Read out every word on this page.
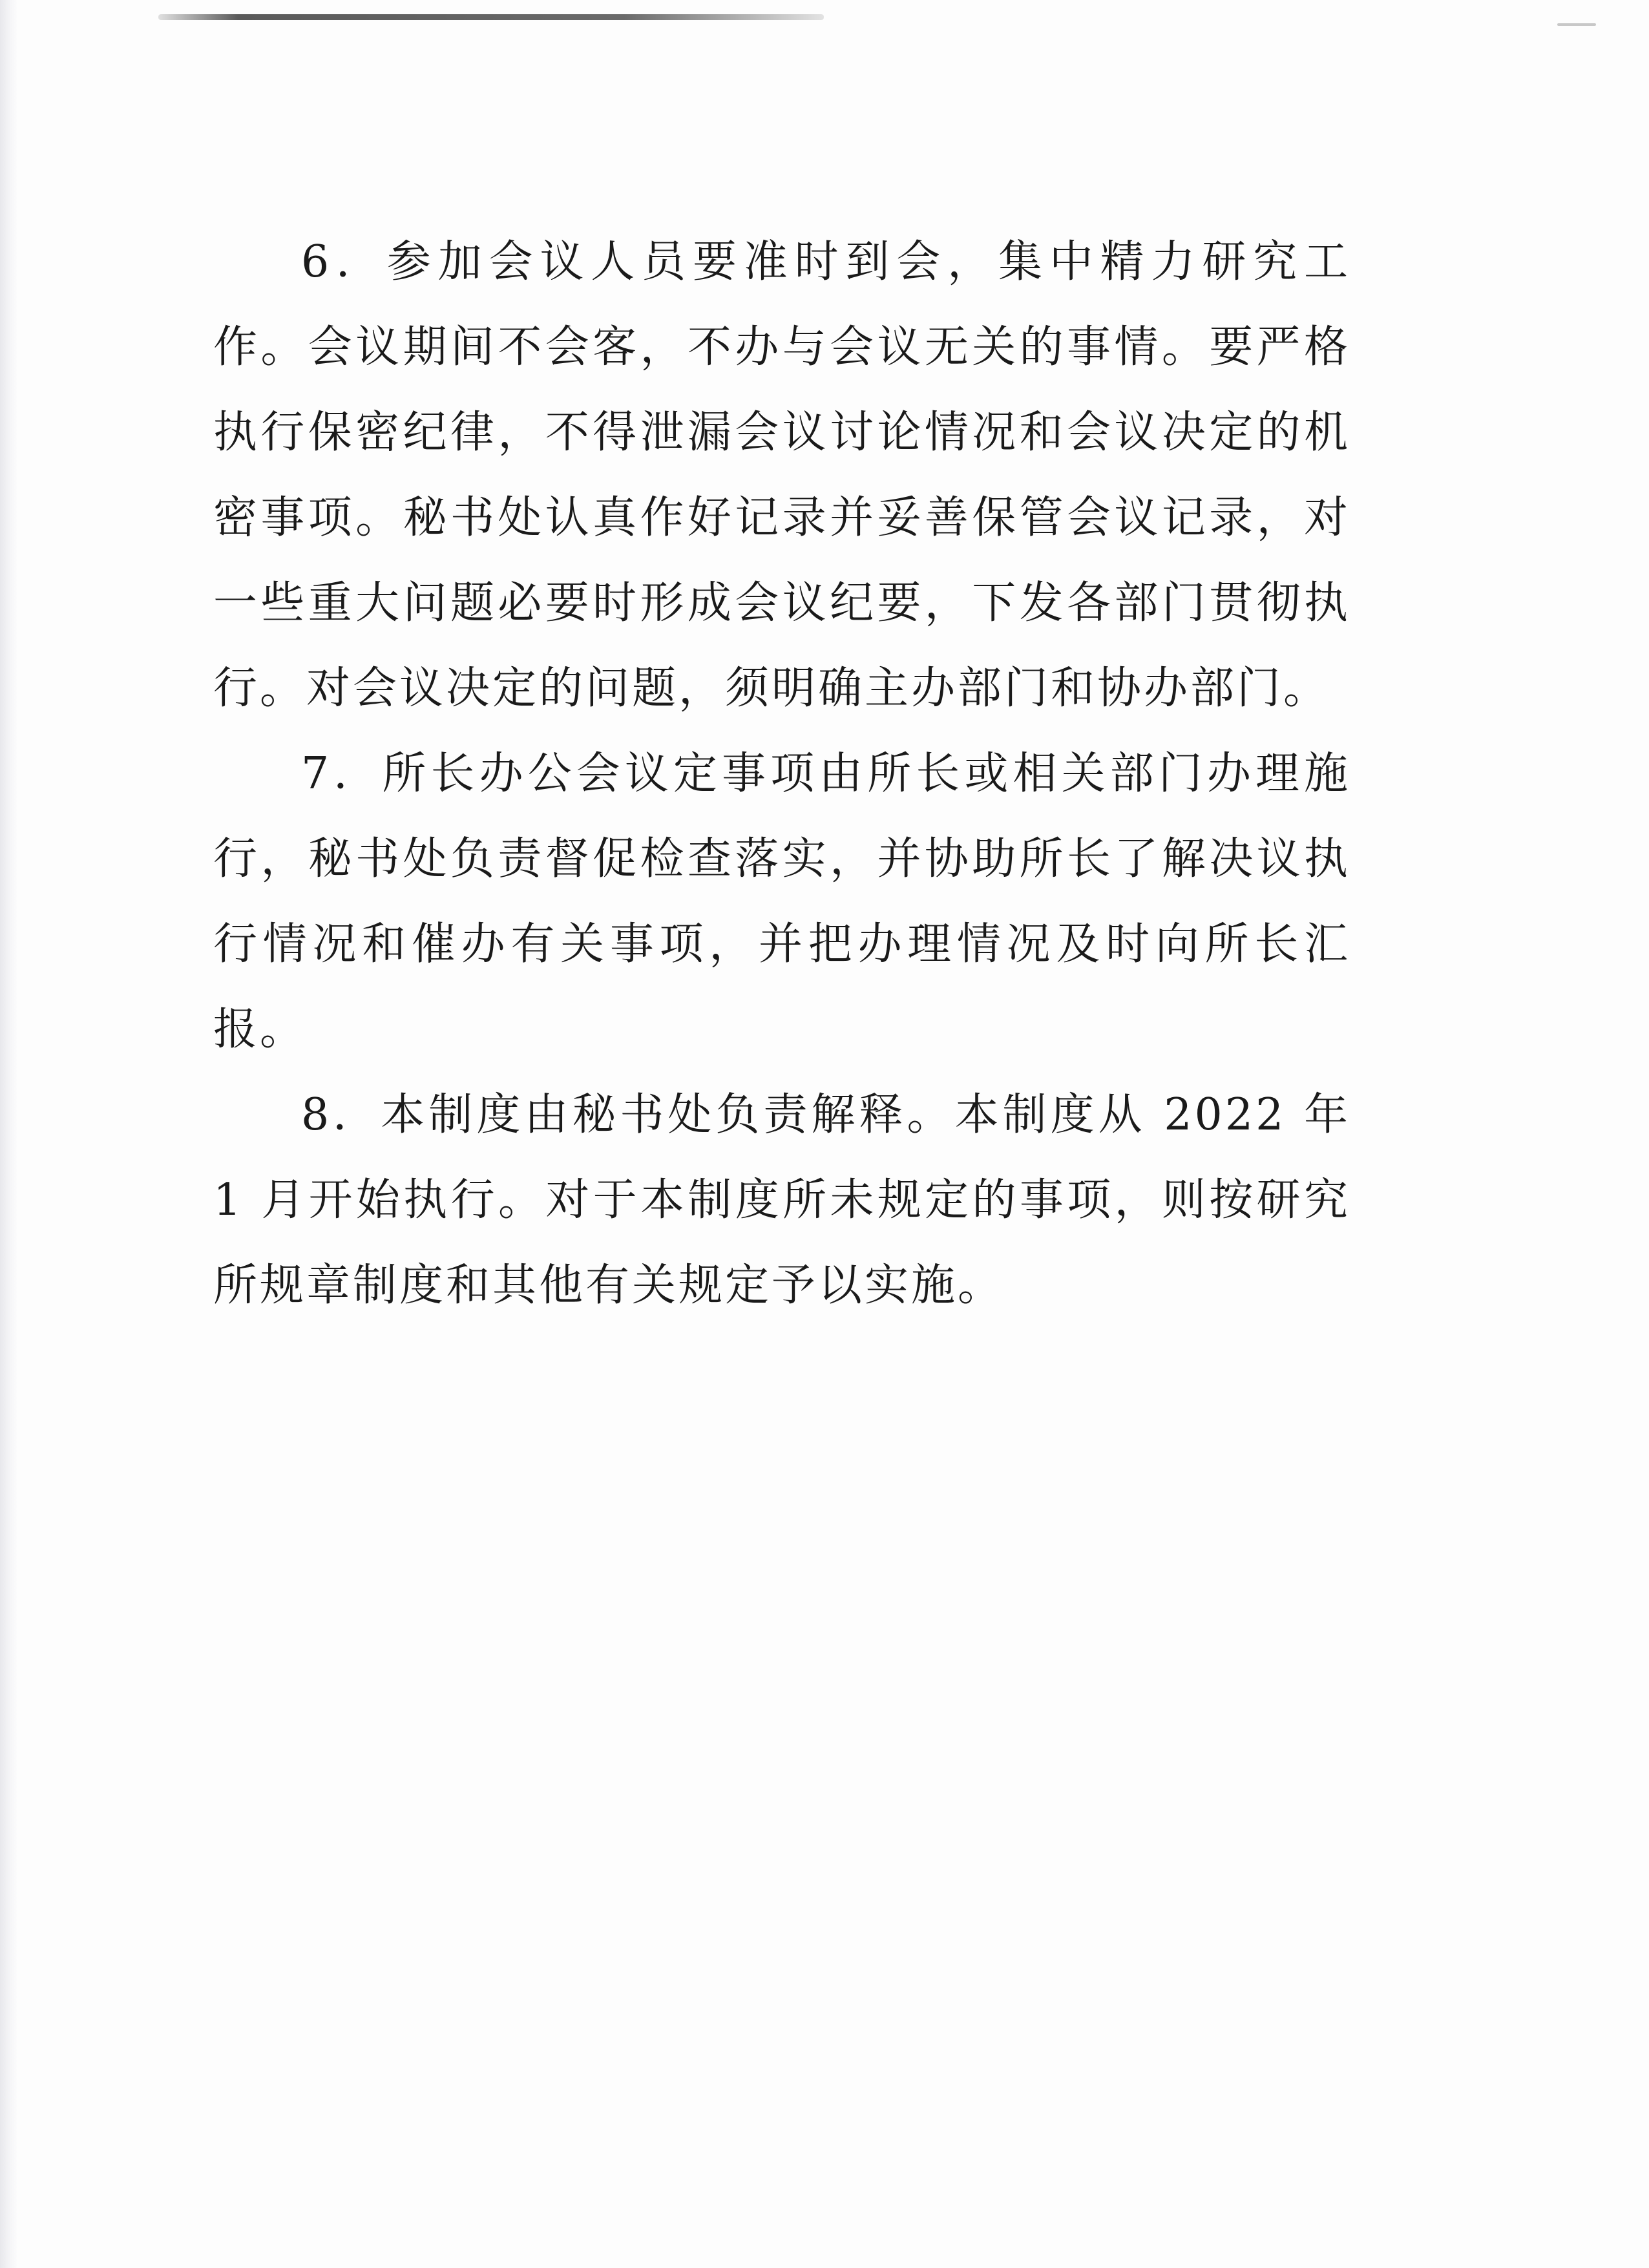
6．参加会议人员要准时到会，集中精力研究工作。会议期间不会客，不办与会议无关的事情。要严格执行保密纪律，不得泄漏会议讨论情况和会议决定的机密事项。秘书处认真作好记录并妥善保管会议记录，对一些重大问题必要时形成会议纪要，下发各部门贯彻执行。对会议决定的问题，须明确主办部门和协办部门。

7．所长办公会议定事项由所长或相关部门办理施行，秘书处负责督促检查落实，并协助所长了解决议执行情况和催办有关事项，并把办理情况及时向所长汇报。

8．本制度由秘书处负责解释。本制度从 2022 年 1 月开始执行。对于本制度所未规定的事项，则按研究所规章制度和其他有关规定予以实施。
